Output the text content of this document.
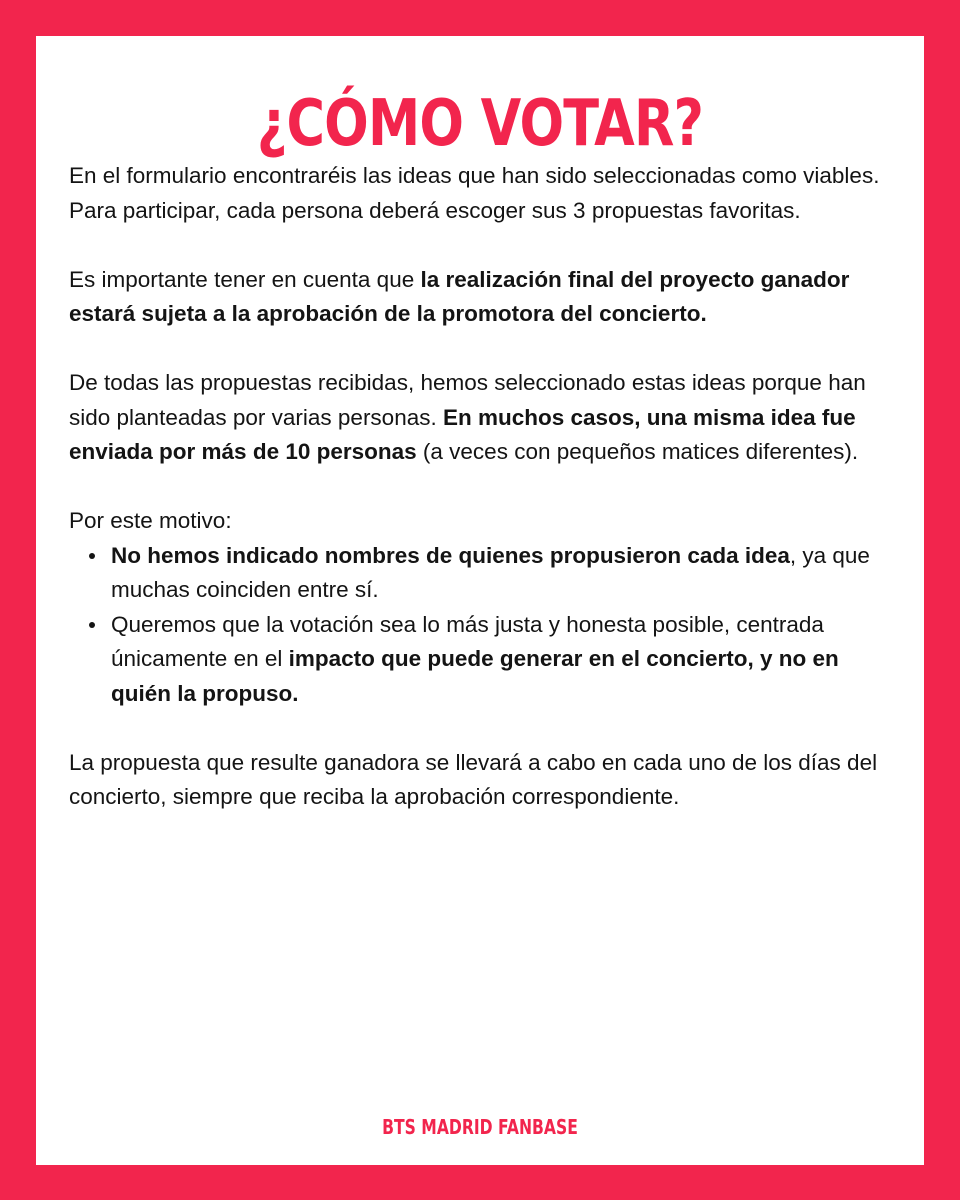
¿CÓMO VOTAR?

En el formulario encontraréis las ideas que han sido seleccionadas como viables. Para participar, cada persona deberá escoger sus 3 propuestas favoritas.

Es importante tener en cuenta que la realización final del proyecto ganador estará sujeta a la aprobación de la promotora del concierto.

De todas las propuestas recibidas, hemos seleccionado estas ideas porque han sido planteadas por varias personas. En muchos casos, una misma idea fue enviada por más de 10 personas (a veces con pequeños matices diferentes).

Por este motivo:

No hemos indicado nombres de quienes propusieron cada idea, ya que muchas coinciden entre sí.
Queremos que la votación sea lo más justa y honesta posible, centrada únicamente en el impacto que puede generar en el concierto, y no en quién la propuso.

La propuesta que resulte ganadora se llevará a cabo en cada uno de los días del concierto, siempre que reciba la aprobación correspondiente.

BTS MADRID FANBASE
